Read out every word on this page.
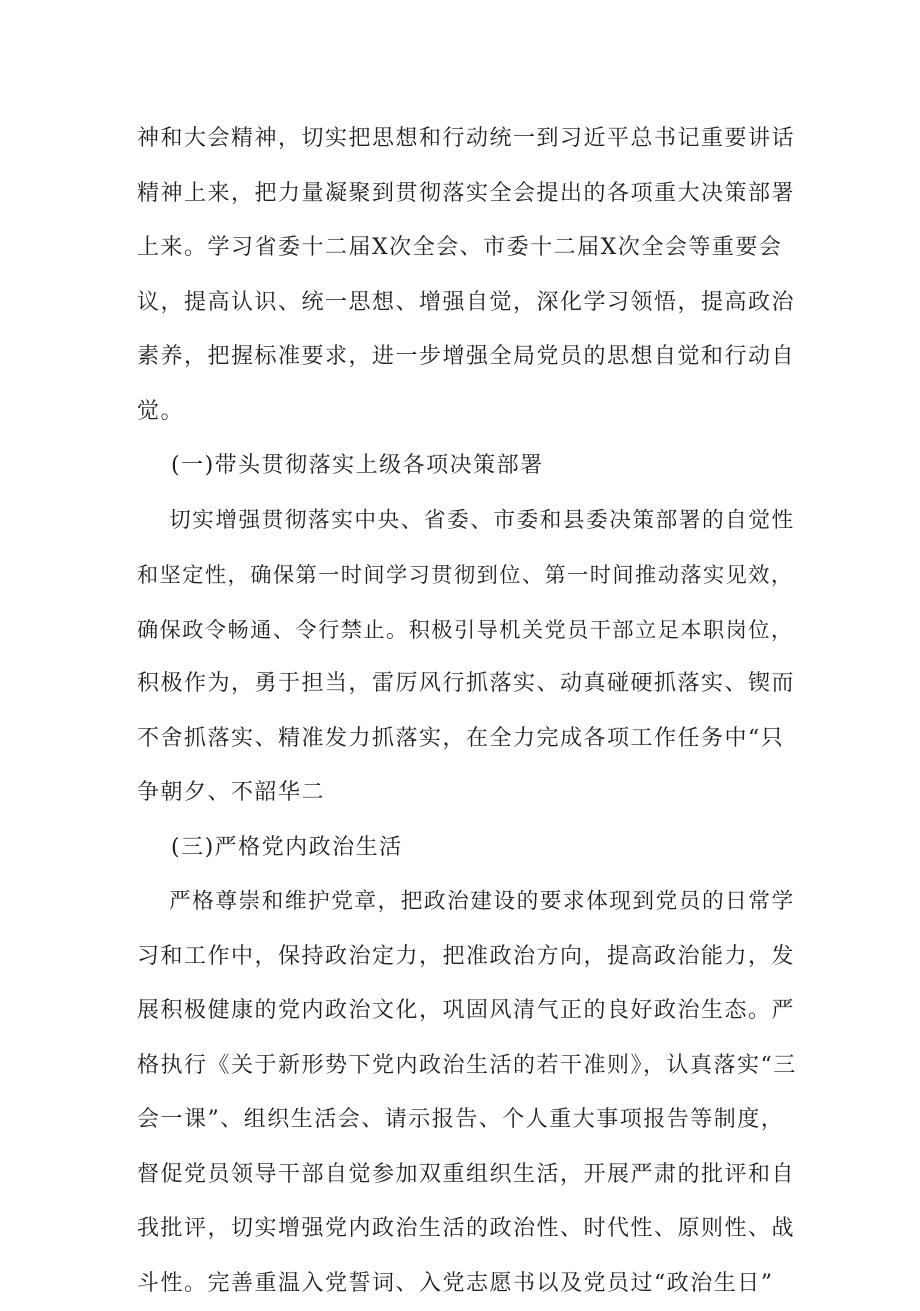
神和大会精神，切实把思想和行动统一到习近平总书记重要讲话
精神上来，把力量凝聚到贯彻落实全会提出的各项重大决策部署
上来。学习省委十二届X次全会、市委十二届X次全会等重要会
议，提高认识、统一思想、增强自觉，深化学习领悟，提高政治
素养，把握标准要求，进一步增强全局党员的思想自觉和行动自
觉。
(一)带头贯彻落实上级各项决策部署
切实增强贯彻落实中央、省委、市委和县委决策部署的自觉性
和坚定性，确保第一时间学习贯彻到位、第一时间推动落实见效，
确保政令畅通、令行禁止。积极引导机关党员干部立足本职岗位，
积极作为，勇于担当，雷厉风行抓落实、动真碰硬抓落实、锲而
不舍抓落实、精准发力抓落实，在全力完成各项工作任务中“只
争朝夕、不韶华二
(三)严格党内政治生活
严格尊崇和维护党章，把政治建设的要求体现到党员的日常学
习和工作中，保持政治定力，把准政治方向，提高政治能力，发
展积极健康的党内政治文化，巩固风清气正的良好政治生态。严
格执行《关于新形势下党内政治生活的若干准则》，认真落实“三
会一课”、组织生活会、请示报告、个人重大事项报告等制度，
督促党员领导干部自觉参加双重组织生活，开展严肃的批评和自
我批评，切实增强党内政治生活的政治性、时代性、原则性、战
斗性。完善重温入党誓词、入党志愿书以及党员过“政治生日”
